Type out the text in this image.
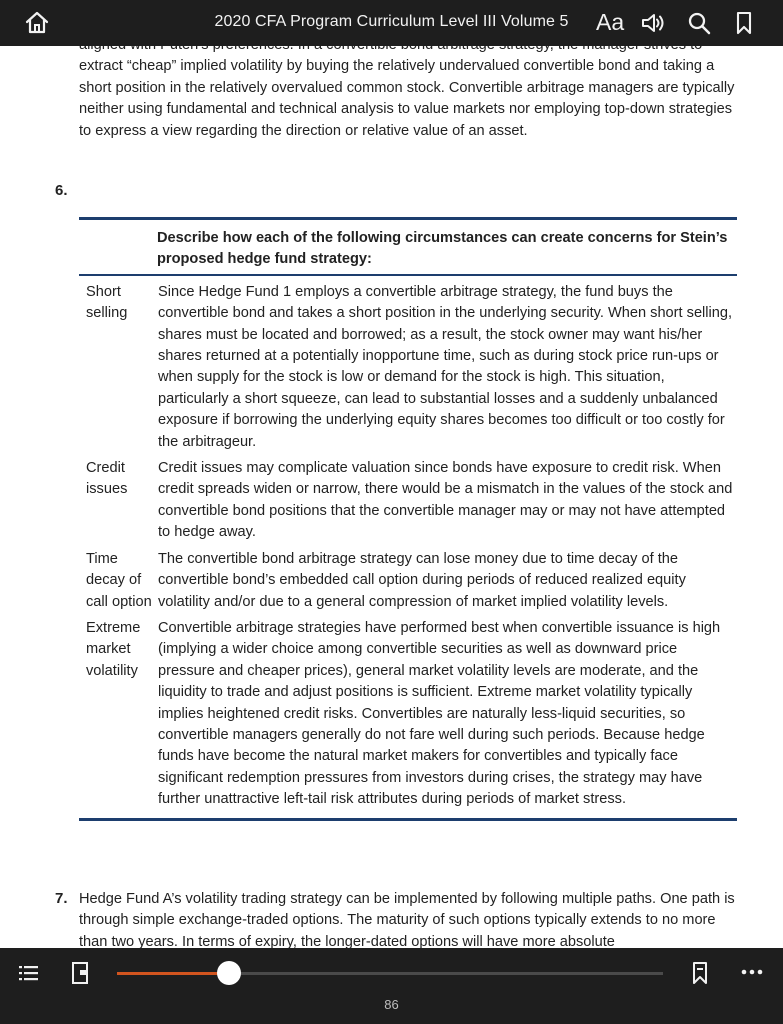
extract “cheap” implied volatility by buying the relatively undervalued convertible bond and taking a short position in the relatively overvalued common stock. Convertible arbitrage managers are typically neither using fundamental and technical analysis to value markets nor employing top-down strategies to express a view regarding the direction or relative value of an asset.
6.
Describe how each of the following circumstances can create concerns for Stein’s proposed hedge fund strategy:
Short selling
Since Hedge Fund 1 employs a convertible arbitrage strategy, the fund buys the convertible bond and takes a short position in the underlying security. When short selling, shares must be located and borrowed; as a result, the stock owner may want his/her shares returned at a potentially inopportune time, such as during stock price run-ups or when supply for the stock is low or demand for the stock is high. This situation, particularly a short squeeze, can lead to substantial losses and a suddenly unbalanced exposure if borrowing the underlying equity shares becomes too difficult or too costly for the arbitrageur.
Credit issues
Credit issues may complicate valuation since bonds have exposure to credit risk. When credit spreads widen or narrow, there would be a mismatch in the values of the stock and convertible bond positions that the convertible manager may or may not have attempted to hedge away.
Time decay of call option
The convertible bond arbitrage strategy can lose money due to time decay of the convertible bond’s embedded call option during periods of reduced realized equity volatility and/or due to a general compression of market implied volatility levels.
Extreme market volatility
Convertible arbitrage strategies have performed best when convertible issuance is high (implying a wider choice among convertible securities as well as downward price pressure and cheaper prices), general market volatility levels are moderate, and the liquidity to trade and adjust positions is sufficient. Extreme market volatility typically implies heightened credit risks. Convertibles are naturally less-liquid securities, so convertible managers generally do not fare well during such periods. Because hedge funds have become the natural market makers for convertibles and typically face significant redemption pressures from investors during crises, the strategy may have further unattractive left-tail risk attributes during periods of market stress.
7. Hedge Fund A’s volatility trading strategy can be implemented by following multiple paths. One path is through simple exchange-traded options. The maturity of such options typically extends to no more than two years. In terms of expiry, the longer-dated options will have more absolute
2020 CFA Program Curriculum Level III Volume 5	Aa
86
